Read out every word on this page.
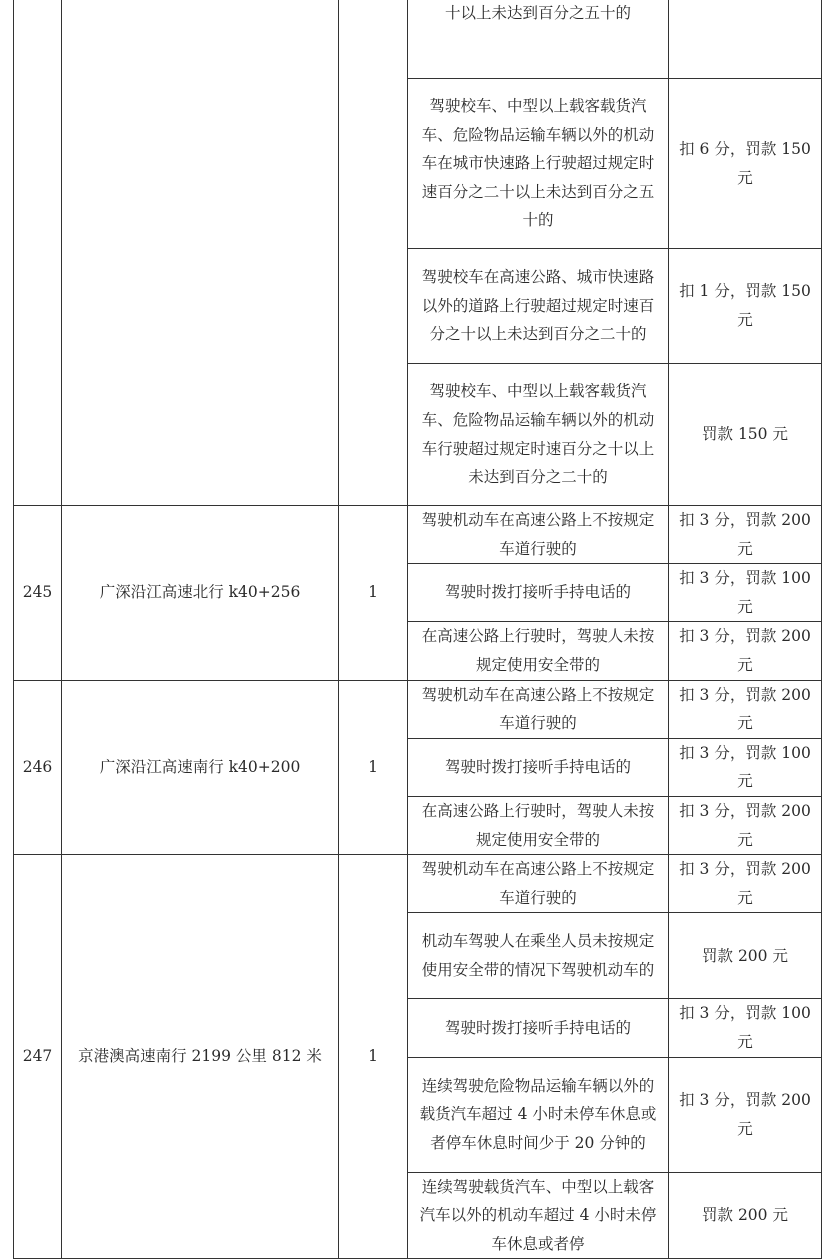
			十以上未达到百分之五十的	
			驾驶校车、中型以上载客载货汽车、危险物品运输车辆以外的机动车在城市快速路上行驶超过规定时速百分之二十以上未达到百分之五十的	扣 6 分，罚款 150 元
			驾驶校车在高速公路、城市快速路以外的道路上行驶超过规定时速百分之十以上未达到百分之二十的	扣 1 分，罚款 150 元
			驾驶校车、中型以上载客载货汽车、危险物品运输车辆以外的机动车行驶超过规定时速百分之十以上未达到百分之二十的	罚款 150 元
245	广深沿江高速北行 k40+256	1	驾驶机动车在高速公路上不按规定车道行驶的	扣 3 分，罚款 200 元
			驾驶时拨打接听手持电话的	扣 3 分，罚款 100 元
			在高速公路上行驶时，驾驶人未按规定使用安全带的	扣 3 分，罚款 200 元
246	广深沿江高速南行 k40+200	1	驾驶机动车在高速公路上不按规定车道行驶的	扣 3 分，罚款 200 元
			驾驶时拨打接听手持电话的	扣 3 分，罚款 100 元
			在高速公路上行驶时，驾驶人未按规定使用安全带的	扣 3 分，罚款 200 元
247	京港澳高速南行 2199 公里 812 米	1	驾驶机动车在高速公路上不按规定车道行驶的	扣 3 分，罚款 200 元
			机动车驾驶人在乘坐人员未按规定使用安全带的情况下驾驶机动车的	罚款 200 元
			驾驶时拨打接听手持电话的	扣 3 分，罚款 100 元
			连续驾驶危险物品运输车辆以外的载货汽车超过 4 小时未停车休息或者停车休息时间少于 20 分钟的	扣 3 分，罚款 200 元
			连续驾驶载货汽车、中型以上载客汽车以外的机动车超过 4 小时未停车休息或者停	罚款 200 元
